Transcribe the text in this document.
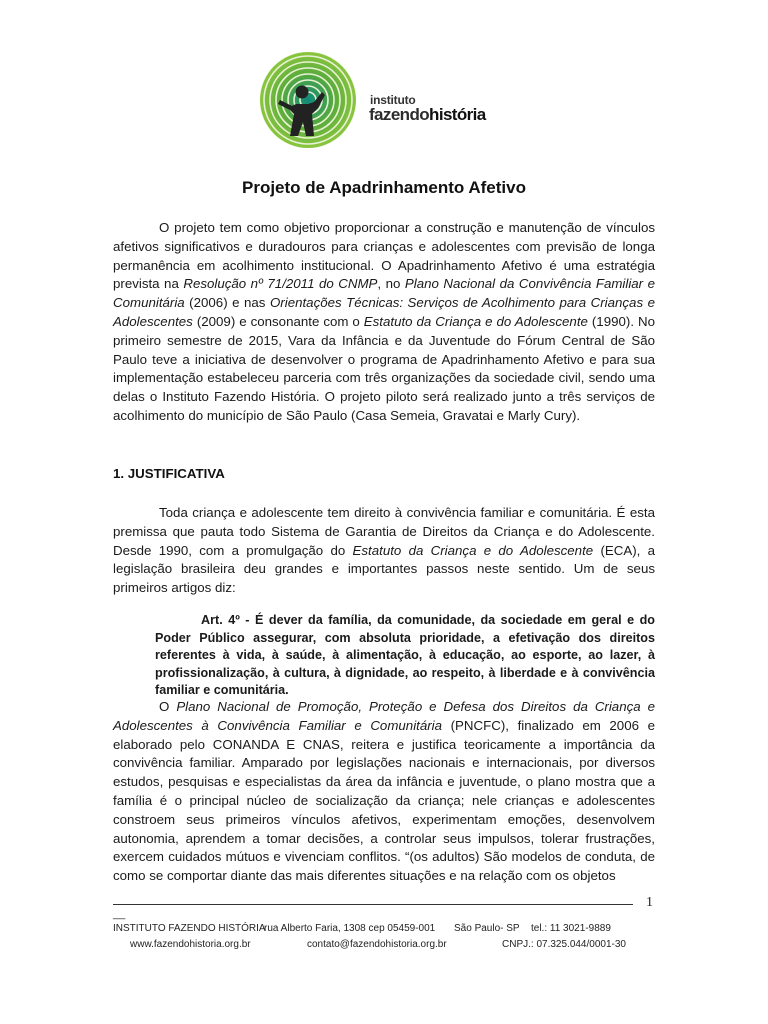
instituto
fazendohistória
Projeto de Apadrinhamento Afetivo

O projeto tem como objetivo proporcionar a construção e manutenção de vínculos afetivos significativos e duradouros para crianças e adolescentes com previsão de longa permanência em acolhimento institucional. O Apadrinhamento Afetivo é uma estratégia prevista na Resolução nº 71/2011 do CNMP, no Plano Nacional da Convivência Familiar e Comunitária (2006) e nas Orientações Técnicas: Serviços de Acolhimento para Crianças e Adolescentes (2009) e consonante com o Estatuto da Criança e do Adolescente (1990). No primeiro semestre de 2015, Vara da Infância e da Juventude do Fórum Central de São Paulo teve a iniciativa de desenvolver o programa de Apadrinhamento Afetivo e para sua implementação estabeleceu parceria com três organizações da sociedade civil, sendo uma delas o Instituto Fazendo História. O projeto piloto será realizado junto a três serviços de acolhimento do município de São Paulo (Casa Semeia, Gravatai e Marly Cury).

1. JUSTIFICATIVA

Toda criança e adolescente tem direito à convivência familiar e comunitária. É esta premissa que pauta todo Sistema de Garantia de Direitos da Criança e do Adolescente. Desde 1990, com a promulgação do Estatuto da Criança e do Adolescente (ECA), a legislação brasileira deu grandes e importantes passos neste sentido. Um de seus primeiros artigos diz:

Art. 4º - É dever da família, da comunidade, da sociedade em geral e do Poder Público assegurar, com absoluta prioridade, a efetivação dos direitos referentes à vida, à saúde, à alimentação, à educação, ao esporte, ao lazer, à profissionalização, à cultura, à dignidade, ao respeito, à liberdade e à convivência familiar e comunitária.

O Plano Nacional de Promoção, Proteção e Defesa dos Direitos da Criança e Adolescentes à Convivência Familiar e Comunitária (PNCFC), finalizado em 2006 e elaborado pelo CONANDA E CNAS, reitera e justifica teoricamente a importância da convivência familiar. Amparado por legislações nacionais e internacionais, por diversos estudos, pesquisas e especialistas da área da infância e juventude, o plano mostra que a família é o principal núcleo de socialização da criança; nele crianças e adolescentes constroem seus primeiros vínculos afetivos, experimentam emoções, desenvolvem autonomia, aprendem a tomar decisões, a controlar seus impulsos, tolerar frustrações, exercem cuidados mútuos e vivenciam conflitos. “(os adultos) São modelos de conduta, de como se comportar diante das mais diferentes situações e na relação com os objetos

1
__
INSTITUTO FAZENDO HISTÓRIA
rua Alberto Faria, 1308 cep 05459-001 São Paulo- SP tel.: 11 3021-9889
www.fazendohistoria.org.br	contato@fazendohistoria.org.br	CNPJ.: 07.325.044/0001-30
